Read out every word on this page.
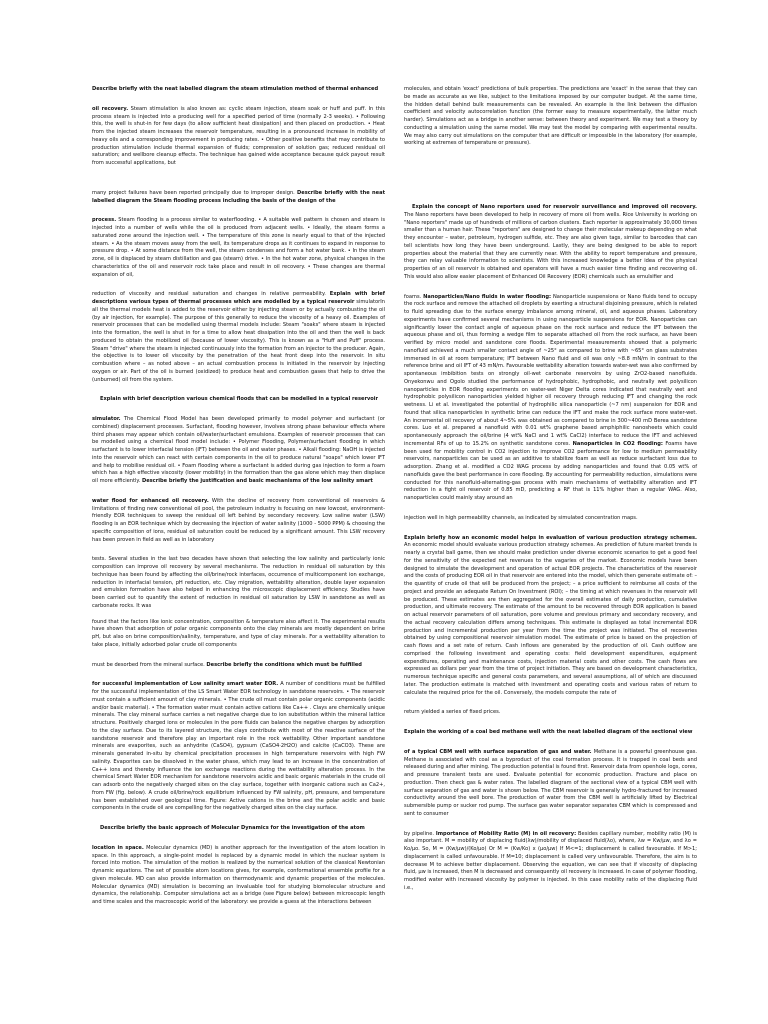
Describe briefly with the neat labelled diagram the steam stimulation method of thermal enhanced

oil recovery. Steam stimulation is also known as: cyclic steam injection, steam soak or huff and puff. In this process steam is injected into a producing well for a specified period of time (normally 2-3 weeks). • Following this, the well is shut-in for few days (to allow sufficient heat dissipation) and then placed on production. • Heat from the injected steam increases the reservoir temperature, resulting in a pronounced increase in mobility of heavy oils and a corresponding improvement in producing rates. • Other positive benefits that may contribute to production stimulation include thermal expansion of fluids; compression of solution gas; reduced residual oil saturation; and wellbore cleanup effects. The technique has gained wide acceptance because quick payout result from successful applications, but

many project failures have been reported principally due to improper design. Describe briefly with the neat labelled diagram the Steam flooding process including the basis of the design of the

process. Steam flooding is a process similar to waterflooding. • A suitable well pattern is chosen and steam is injected into a number of wells while the oil is produced from adjacent wells. • Ideally, the steam forms a saturated zone around the injection well. • The temperature of this zone is nearly equal to that of the injected steam. • As the steam moves away from the well, its temperature drops as it continues to expand in response to pressure drop. • At some distance from the well, the steam condenses and form a hot water bank. • In the steam zone, oil is displaced by steam distillation and gas (steam) drive. • In the hot water zone, physical changes in the characteristics of the oil and reservoir rock take place and result in oil recovery. • These changes are thermal expansion of oil,

reduction of viscosity and residual saturation and changes in relative permeability. Explain with brief descriptions various types of thermal processes which are modelled by a typical reservoir simulatorIn all the thermal models heat is added to the reservoir either by injecting steam or by actually combusting the oil (by air injection, for example). The purpose of this generally to reduce the viscosity of a heavy oil. Examples of reservoir processes that can be modelled using thermal models include: Steam "soaks" where steam is injected into the formation, the well is shut in for a time to allow heat dissipation into the oil and then the well is back produced to obtain the mobilized oil (because of lower viscosity). This is known as a "Huff and Puff" process. Steam "drive" where the steam is injected continuously into the formation from an injector to the producer. Again, the objective is to lower oil viscosity by the penetration of the heat front deep into the reservoir. In situ combustion where – as noted above – an actual combustion process is initiated in the reservoir by injecting oxygen or air. Part of the oil is burned (oxidized) to produce heat and combustion gases that help to drive the (unburned) oil from the system.

Explain with brief description various chemical floods that can be modelled in a typical reservoir

simulator. The Chemical Flood Model has been developed primarily to model polymer and surfactant (or combined) displacement processes. Surfactant, flooding however, involves strong phase behaviour effects where third phases may appear which contain oil/water/surfactant emulsions. Examples of reservoir processes that can be modelled using a chemical flood model include: • Polymer Flooding, Polymer/surfactant flooding in which surfactant is to lower interfacial tension (IFT) between the oil and water phases. • Alkali flooding: NaOH is injected into the reservoir which can react with certain components in the oil to produce natural "soaps" which lower IFT and help to mobilise residual oil. • Foam flooding where a surfactant is added during gas injection to form a foam which has a high effective viscosity (lower mobility) in the formation than the gas alone which may then displace oil more efficiently. Describe briefly the justification and basic mechanisms of the low salinity smart

water flood for enhanced oil recovery. With the decline of recovery from conventional oil reservoirs & limitations of finding new conventional oil pool, the petroleum industry is focusing on new lowcost, environment-friendly EOR techniques to sweep the residual oil left behind by secondary recovery. Low saline water (LSW) flooding is an EOR technique which by decreasing the injection of water salinity (1000 - 5000 PPM) & choosing the specific composition of ions, residual oil saturation could be reduced by a significant amount. This LSW recovery has been proven in field as well as in laboratory

tests. Several studies in the last two decades have shown that selecting the low salinity and particularly ionic composition can improve oil recovery by several mechanisms. The reduction in residual oil saturation by this technique has been found by affecting the oil/brine/rock interfaces, occurrence of multicomponent ion exchange, reduction in interfacial tension, pH reduction, etc. Clay migration, wettability alteration, double layer expansion and emulsion formation have also helped in enhancing the microscopic displacement efficiency. Studies have been carried out to quantify the extent of reduction in residual oil saturation by LSW in sandstone as well as carbonate rocks. It was

found that the factors like ionic concentration, composition & temperature also affect it. The experimental results have shown that adsorption of polar organic components onto the clay minerals are mostly dependent on brine pH, but also on brine composition/salinity, temperature, and type of clay minerals. For a wettability alteration to take place, initially adsorbed polar crude oil components

must be desorbed from the mineral surface. Describe briefly the conditions which must be fulfilled

for successful implementation of Low salinity smart water EOR. A number of conditions must be fulfilled for the successful implementation of the LS Smart Water EOR technology in sandstone reservoirs. • The reservoir must contain a sufficient amount of clay minerals. • The crude oil must contain polar organic components (acidic and/or basic material). • The formation water must contain active cations like Ca++ . Clays are chemically unique minerals. The clay mineral surface carries a net negative charge due to ion substitution within the mineral lattice structure. Positively charged ions or molecules in the pore fluids can balance the negative charges by adsorption to the clay surface. Due to its layered structure, the clays contribute with most of the reactive surface of the sandstone reservoir and therefore play an important role in the rock wettability. Other important sandstone minerals are evaporites, such as anhydrite (CaSO4), gypsum (CaSO4·2H2O) and calcite (CaCO3). These are minerals generated in-situ by chemical precipitation processes in high temperature reservoirs with high FW salinity. Evaporites can be dissolved in the water phase, which may lead to an increase in the concentration of Ca++ ions and thereby influence the ion exchange reactions during the wettability alteration process. In the chemical Smart Water EOR mechanism for sandstone reservoirs acidic and basic organic materials in the crude oil can adsorb onto the negatively charged sites on the clay surface, together with inorganic cations such as Ca2+, from FW (fig. below). A crude oil/brine/rock equilibrium influenced by FW salinity, pH, pressure, and temperature has been established over geological time. Figure: Active cations in the brine and the polar acidic and basic components in the crude oil are compelling for the negatively charged sites on the clay surface.

Describe briefly the basic approach of Molecular Dynamics for the investigation of the atom

location in space. Molecular dynamics (MD) is another approach for the investigation of the atom location in space. In this approach, a single-point model is replaced by a dynamic model in which the nuclear system is forced into motion. The simulation of the motion is realized by the numerical solution of the classical Newtonian dynamic equations. The set of possible atom locations gives, for example, conformational ensemble profile for a given molecule. MD can also provide information on thermodynamic and dynamic properties of the molecules. Molecular dynamics (MD) simulation is becoming an invaluable tool for studying biomolecular structure and dynamics, the relationship. Computer simulations act as a bridge (see Figure below) between microscopic length and time scales and the macroscopic world of the laboratory: we provide a guess at the interactions between

molecules, and obtain 'exact' predictions of bulk properties. The predictions are 'exact' in the sense that they can be made as accurate as we like, subject to the limitations imposed by our computer budget. At the same time, the hidden detail behind bulk measurements can be revealed. An example is the link between the diffusion coefficient and velocity autocorrelation function (the former easy to measure experimentally, the latter much harder). Simulations act as a bridge in another sense: between theory and experiment. We may test a theory by conducting a simulation using the same model. We may test the model by comparing with experimental results. We may also carry out simulations on the computer that are difficult or impossible in the laboratory (for example, working at extremes of temperature or pressure).

Explain the concept of Nano reporters used for reservoir surveillance and improved oil recovery. The Nano reporters have been developed to help in recovery of more oil from wells. Rice University is working on "Nano reporters" made up of hundreds of millions of carbon clusters. Each reporter is approximately 30,000 times smaller than a human hair. These "reporters" are designed to change their molecular makeup depending on what they encounter – water, petroleum, hydrogen sulfide, etc. They are also given tags, similar to barcodes that can tell scientists how long they have been underground. Lastly, they are being designed to be able to report properties about the material that they are currently near. With the ability to report temperature and pressure, they can relay valuable information to scientists. With this increased knowledge a better idea of the physical properties of an oil reservoir is obtained and operators will have a much easier time finding and recovering oil. This would also allow easier placement of Enhanced Oil Recovery (EOR) chemicals such as emulsifier and

foams. Nanoparticles/Nano fluids in water flooding: Nanoparticle suspensions or Nano fluids tend to occupy the rock surface and remove the attached oil droplets by exerting a structural disjoining pressure, which is related to fluid spreading due to the surface energy imbalance among mineral, oil, and aqueous phases. Laboratory experiments have confirmed several mechanisms in using nanoparticle suspensions for EOR. Nanoparticles can significantly lower the contact angle of aqueous phase on the rock surface and reduce the IFT between the aqueous phase and oil, thus forming a wedge film to separate attached oil from the rock surface, as have been verified by micro model and sandstone core floods. Experimental measurements showed that a polymeric nanofluid achieved a much smaller contact angle of ~25° as compared to brine with ~65° on glass substrates immersed in oil at room temperature; IFT between Nano fluid and oil was only ~8.8 mN/m in contrast to the reference brine and oil IFT of 43 mN/m. Favourable wettability alteration towards water-wet was also confirmed by spontaneous imbibition tests on strongly oil-wet carbonate reservoirs by using ZrO2-based nanofluids. Onyekonwu and Ogolo studied the performance of hydrophobic, hydrophobic, and neutrally wet polysilicon nanoparticles in EOR flooding experiments on water-wet Niger Delta cores indicated that neutrally wet and hydrophobic polysilicon nanoparticles yielded higher oil recovery through reducing IFT and changing the rock wetness. Li et al. investigated the potential of hydrophilic silica nanoparticle (~7 nm) suspension for EOR and found that silica nanoparticles in synthetic brine can reduce the IFT and make the rock surface more water-wet. An incremental oil recovery of about 4~5% was obtained as compared to brine in 300~400 mD Berea sandstone cores. Luo et al. prepared a nanofluid with 0.01 wt% graphene based amphiphilic nanosheets which could spontaneously approach the oil/brine (4 wt% NaCl and 1 wt% CaCl2) interface to reduce the IFT and achieved incremental RFs of up to 15.2% on synthetic sandstone cores. Nanoparticles in CO2 flooding: Foams have been used for mobility control in CO2 injection to improve CO2 performance for low to medium permeability reservoirs, nanoparticles can be used as an additive to stabilize foam as well as reduce surfactant loss due to adsorption. Zhang et al. modified a CO2 WAG process by adding nanoparticles and found that 0.05 wt% of nanofluids gave the best performance in core flooding. By accounting for permeability reduction, simulations were conducted for this nanofluid-alternating-gas process with main mechanisms of wettability alteration and IFT reduction in a fight oil reservoir of 0.85 mD, predicting a RF that is 11% higher than a regular WAG. Also, nanoparticles could mainly stay around an

injection well in high permeability channels, as indicated by simulated concentration maps.

Explain briefly how an economic model helps in evaluation of various production strategy schemes. An economic model should evaluate various production strategy schemes. As prediction of future market trends is nearly a crystal ball game, then we should make prediction under diverse economic scenarios to get a good feel for the sensitivity of the expected net revenues to the vagaries of the market. Economic models have been designed to simulate the development and operation of actual EOR projects. The characteristics of the reservoir and the costs of producing EOR oil in that reservoir are entered into the model, which then generate estimate of: – the quantity of crude oil that will be produced from the project; – a price sufficient to reimburse all costs of the project and provide an adequate Return On Investment (ROI); – the timing at which revenues in the reservoir will be produced. These estimates are then aggregated for the overall estimates of daily production, cumulative production, and ultimate recovery. The estimate of the amount to be recovered through EOR application is based on actual reservoir parameters of oil saturation, pore volume and previous primary and secondary recovery, and the actual recovery calculation differs among techniques. This estimate is displayed as total incremental EOR production and incremental production per year from the time the project was initiated. The oil recoveries obtained by using compositional reservoir simulation model. The estimate of price is based on the projection of cash flows and a set rate of return. Cash inflows are generated by the production of oil. Cash outflow are comprised the following investment and operating costs: field development expenditures, equipment expenditures, operating and maintenance costs, injection material costs and other costs. The cash flows are expressed as dollars per year from the time of project initiation. They are based on development characteristics, numerous technique specific and general costs parameters, and several assumptions, all of which are discussed later. The production estimate is matched with investment and operating costs and various rates of return to calculate the required price for the oil. Conversely, the models compute the rate of

return yielded a series of fixed prices.

Explain the working of a coal bed methane well with the neat labelled diagram of the sectional view

of a typical CBM well with surface separation of gas and water. Methane is a powerful greenhouse gas. Methane is associated with coal as a byproduct of the coal formation process. It is trapped in coal beds and released during and after mining. The production potential is found first. Reservoir data from openhole logs, cores, and pressure transient tests are used. Evaluate potential for economic production. Fracture and place on production. Then check gas & water rates. The labelled diagram of the sectional view of a typical CBM well with surface separation of gas and water is shown below. The CBM reservoir is generally hydro-fractured for increased conductivity around the well bore. The production of water from the CBM well is artificially lifted by Electrical submersible pump or sucker rod pump. The surface gas water separator separates CBM which is compressed and sent to consumer

by pipeline. Importance of Mobility Ratio (M) in oil recovery: Besides capillary number, mobility ratio (M) is also important. M = mobility of displacing fluid(λw)/mobility of displaced fluid(λo), where, λw = Kw/μw, and λo = Ko/μo. So, M = (Kw/μw)/(Ko/μo) Or M = (Kw/Ko) x (μo/μw) If M<=1; displacement is called favourable. If M>1; displacement is called unfavourable. If M=10; displacement is called very unfavourable. Therefore, the aim is to decrease M to achieve better displacement. Observing the equation, we can see that if viscosity of displacing fluid, μw is increased, then M is decreased and consequently oil recovery is increased. In case of polymer flooding, modified water with increased viscosity by polymer is injected. In this case mobility ratio of the displacing fluid i.e.,
